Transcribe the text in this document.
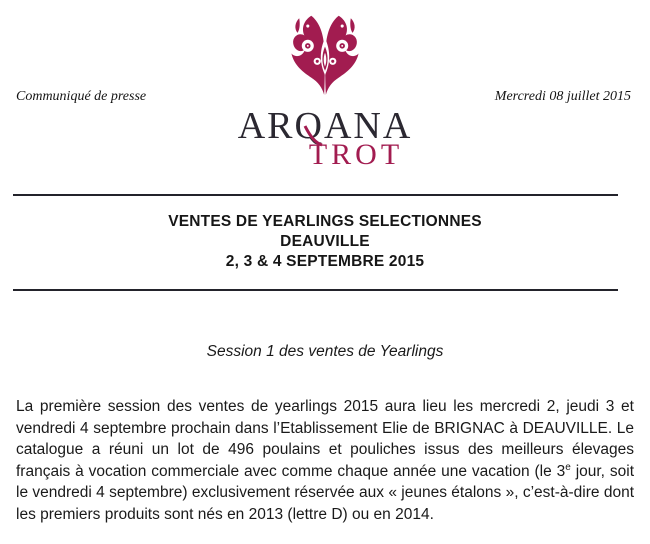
Communiqué de presse	Mercredi 08 juillet 2015
ARQANA
TROT
VENTES DE YEARLINGS SELECTIONNES
DEAUVILLE
2, 3 & 4 SEPTEMBRE 2015
Session 1 des ventes de Yearlings

La première session des ventes de yearlings 2015 aura lieu les mercredi 2, jeudi 3 et vendredi 4 septembre prochain dans l’Etablissement Elie de BRIGNAC à DEAUVILLE. Le catalogue a réuni un lot de 496 poulains et pouliches issus des meilleurs élevages français à vocation commerciale avec comme chaque année une vacation (le 3e jour, soit le vendredi 4 septembre) exclusivement réservée aux « jeunes étalons », c’est-à-dire dont les premiers produits sont nés en 2013 (lettre D) ou en 2014.
